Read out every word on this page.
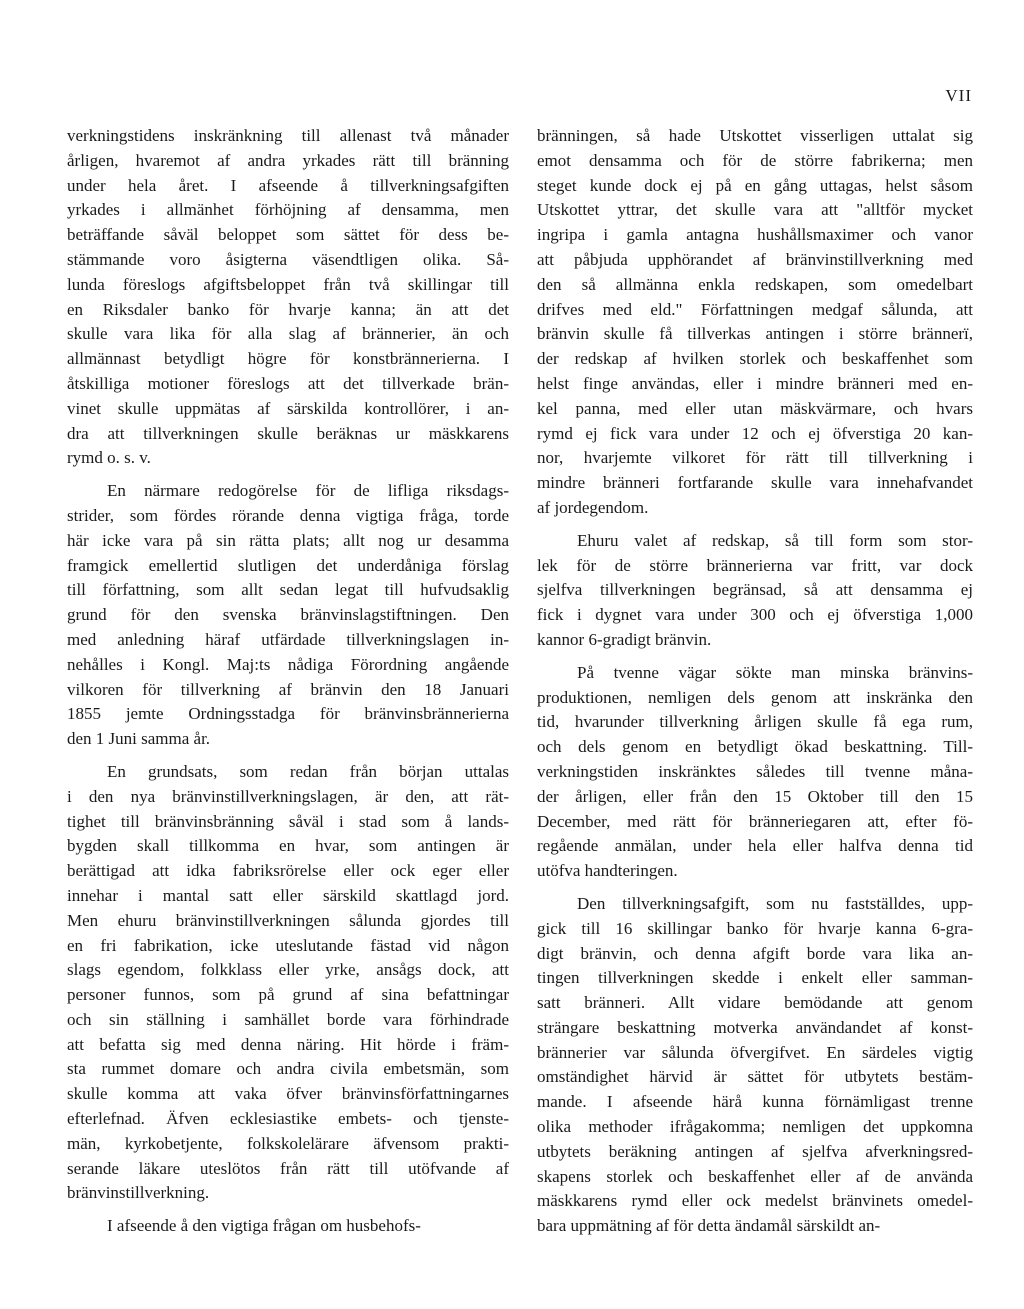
VII
verkningstidens inskränkning till allenast två månader
årligen, hvaremot af andra yrkades rätt till bränning
under hela året. I afseende å tillverkningsafgiften
yrkades i allmänhet förhöjning af densamma, men
beträffande såväl beloppet som sättet för dess be-
stämmande voro åsigterna väsendtligen olika. Så-
lunda föreslogs afgiftsbeloppet från två skillingar till
en Riksdaler banko för hvarje kanna; än att det
skulle vara lika för alla slag af brännerier, än och
allmännast betydligt högre för konstbrännerierna. I
åtskilliga motioner föreslogs att det tillverkade brän-
vinet skulle uppmätas af särskilda kontrollörer, i an-
dra att tillverkningen skulle beräknas ur mäskkarens
rymd o. s. v.
En närmare redogörelse för de lifliga riksdags-
strider, som fördes rörande denna vigtiga fråga, torde
här icke vara på sin rätta plats; allt nog ur desamma
framgick emellertid slutligen det underdåniga förslag
till författning, som allt sedan legat till hufvudsaklig
grund för den svenska bränvinslagstiftningen. Den
med anledning häraf utfärdade tillverkningslagen in-
nehålles i Kongl. Maj:ts nådiga Förordning angående
vilkoren för tillverkning af bränvin den 18 Januari
1855 jemte Ordningsstadga för bränvinsbrännerierna
den 1 Juni samma år.
En grundsats, som redan från början uttalas
i den nya bränvinstillverkningslagen, är den, att rät-
tighet till bränvinsbränning såväl i stad som å lands-
bygden skall tillkomma en hvar, som antingen är
berättigad att idka fabriksrörelse eller ock eger eller
innehar i mantal satt eller särskild skattlagd jord.
Men ehuru bränvinstillverkningen sålunda gjordes till
en fri fabrikation, icke uteslutande fästad vid någon
slags egendom, folkklass eller yrke, ansågs dock, att
personer funnos, som på grund af sina befattningar
och sin ställning i samhället borde vara förhindrade
att befatta sig med denna näring. Hit hörde i främ-
sta rummet domare och andra civila embetsmän, som
skulle komma att vaka öfver bränvinsförfattningarnes
efterlefnad. Äfven ecklesiastike embets- och tjenste-
män, kyrkobetjente, folkskolelärare äfvensom prakti-
serande läkare uteslötos från rätt till utöfvande af
bränvinstillverkning.
I afseende å den vigtiga frågan om husbehofs-
bränningen, så hade Utskottet visserligen uttalat sig
emot densamma och för de större fabrikerna; men
steget kunde dock ej på en gång uttagas, helst såsom
Utskottet yttrar, det skulle vara att "alltför mycket
ingripa i gamla antagna hushållsmaximer och vanor
att påbjuda upphörandet af bränvinstillverkning med
den så allmänna enkla redskapen, som omedelbart
drifves med eld." Författningen medgaf sålunda, att
bränvin skulle få tillverkas antingen i större brännerï,
der redskap af hvilken storlek och beskaffenhet som
helst finge användas, eller i mindre bränneri med en-
kel panna, med eller utan mäskvärmare, och hvars
rymd ej fick vara under 12 och ej öfverstiga 20 kan-
nor, hvarjemte vilkoret för rätt till tillverkning i
mindre bränneri fortfarande skulle vara innehafvandet
af jordegendom.
Ehuru valet af redskap, så till form som stor-
lek för de större brännerierna var fritt, var dock
sjelfva tillverkningen begränsad, så att densamma ej
fick i dygnet vara under 300 och ej öfverstiga 1,000
kannor 6-gradigt bränvin.
På tvenne vägar sökte man minska bränvins-
produktionen, nemligen dels genom att inskränka den
tid, hvarunder tillverkning årligen skulle få ega rum,
och dels genom en betydligt ökad beskattning. Till-
verkningstiden inskränktes således till tvenne måna-
der årligen, eller från den 15 Oktober till den 15
December, med rätt för bränneriegaren att, efter fö-
regående anmälan, under hela eller halfva denna tid
utöfva handteringen.
Den tillverkningsafgift, som nu fastställdes, upp-
gick till 16 skillingar banko för hvarje kanna 6-gra-
digt bränvin, och denna afgift borde vara lika an-
tingen tillverkningen skedde i enkelt eller samman-
satt bränneri. Allt vidare bemödande att genom
strängare beskattning motverka användandet af konst-
brännerier var sålunda öfvergifvet. En särdeles vigtig
omständighet härvid är sättet för utbytets bestäm-
mande. I afseende härå kunna förnämligast trenne
olika methoder ifrågakomma; nemligen det uppkomna
utbytets beräkning antingen af sjelfva afverkningsred-
skapens storlek och beskaffenhet eller af de använda
mäskkarens rymd eller ock medelst bränvinets omedel-
bara uppmätning af för detta ändamål särskildt an-
